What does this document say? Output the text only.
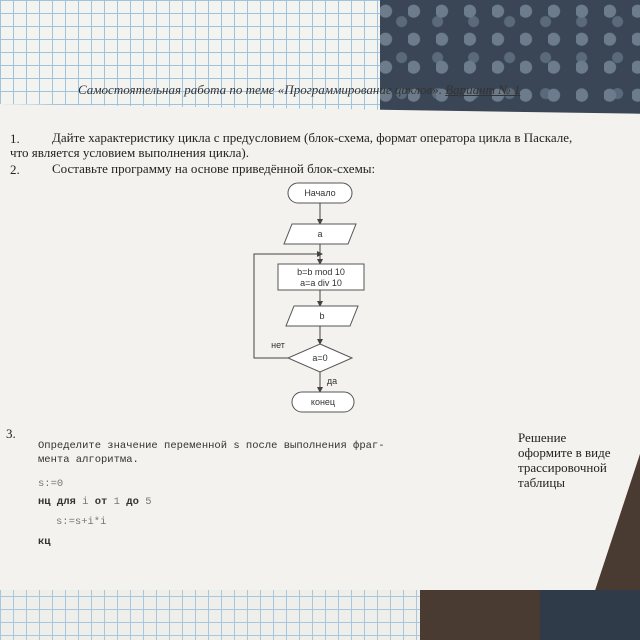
Самостоятельная работа по теме «Программирование циклов». Вариант № 1
1. Дайте характеристику цикла с предусловием (блок-схема, формат оператора цикла в Паскале,
что является условием выполнения цикла).
2. Составьте программу на основе приведённой блок-схемы:
Начало
a
b=b mod 10
a=a div 10
b
a=0
нет
да
конец
3.
Определите значение переменной s после выполнения фраг-
мента алгоритма.
s:=0
нц для i от 1 до 5
s:=s+i*i
кц
Решение
оформите в виде
трассировочной
таблицы
